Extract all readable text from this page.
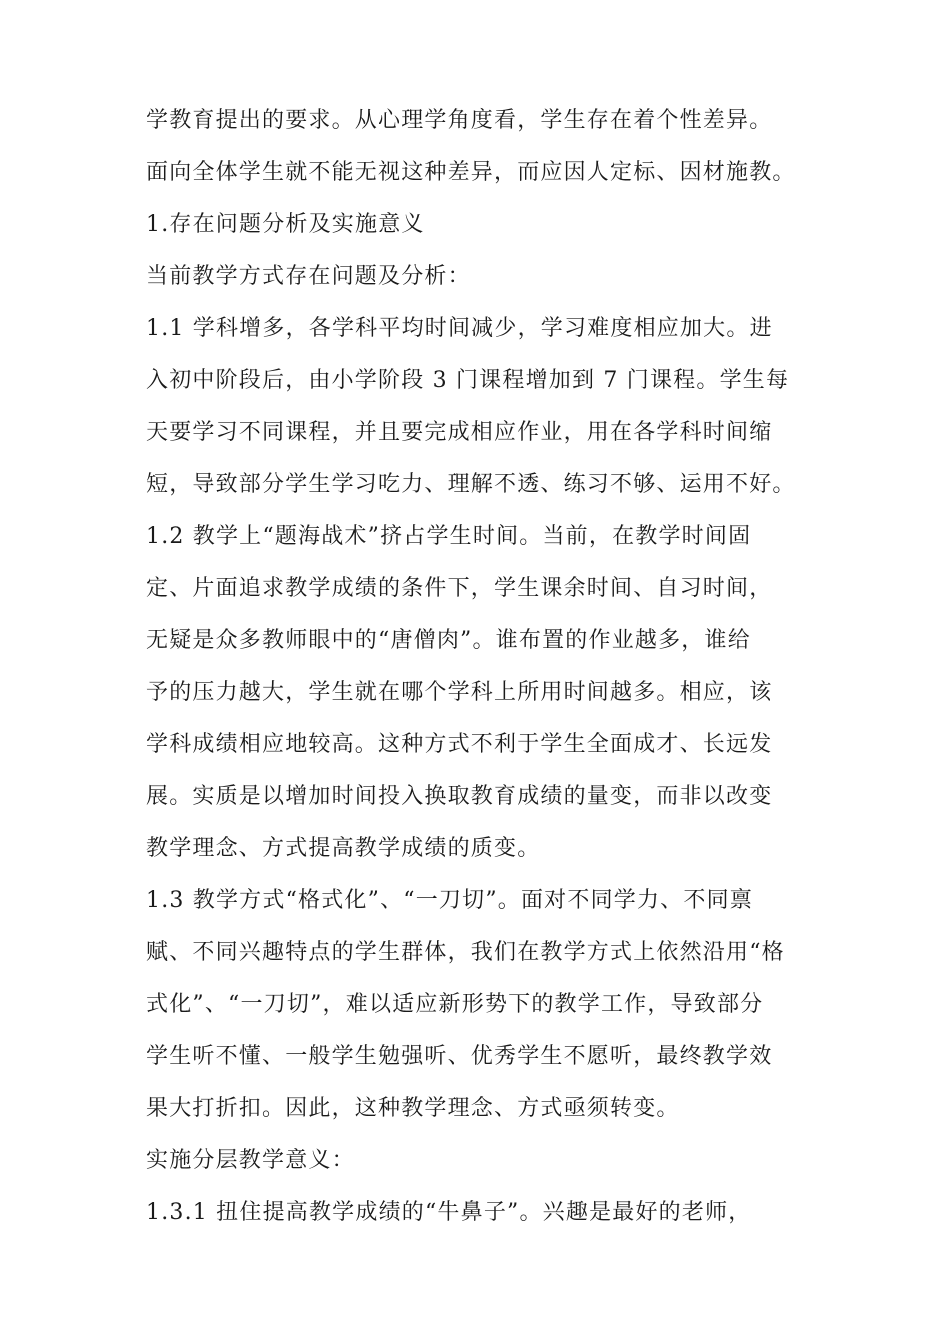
学教育提出的要求。从心理学角度看，学生存在着个性差异。
面向全体学生就不能无视这种差异，而应因人定标、因材施教。
1.存在问题分析及实施意义
当前教学方式存在问题及分析：
1.1 学科增多，各学科平均时间减少，学习难度相应加大。进
入初中阶段后，由小学阶段 3 门课程增加到 7 门课程。学生每
天要学习不同课程，并且要完成相应作业，用在各学科时间缩
短，导致部分学生学习吃力、理解不透、练习不够、运用不好。
1.2 教学上“题海战术”挤占学生时间。当前，在教学时间固
定、片面追求教学成绩的条件下，学生课余时间、自习时间，
无疑是众多教师眼中的“唐僧肉”。谁布置的作业越多，谁给
予的压力越大，学生就在哪个学科上所用时间越多。相应，该
学科成绩相应地较高。这种方式不利于学生全面成才、长远发
展。实质是以增加时间投入换取教育成绩的量变，而非以改变
教学理念、方式提高教学成绩的质变。
1.3 教学方式“格式化”、“一刀切”。面对不同学力、不同禀
赋、不同兴趣特点的学生群体，我们在教学方式上依然沿用“格
式化”、“一刀切”，难以适应新形势下的教学工作，导致部分
学生听不懂、一般学生勉强听、优秀学生不愿听，最终教学效
果大打折扣。因此，这种教学理念、方式亟须转变。
实施分层教学意义：
1.3.1 扭住提高教学成绩的“牛鼻子”。兴趣是最好的老师，
